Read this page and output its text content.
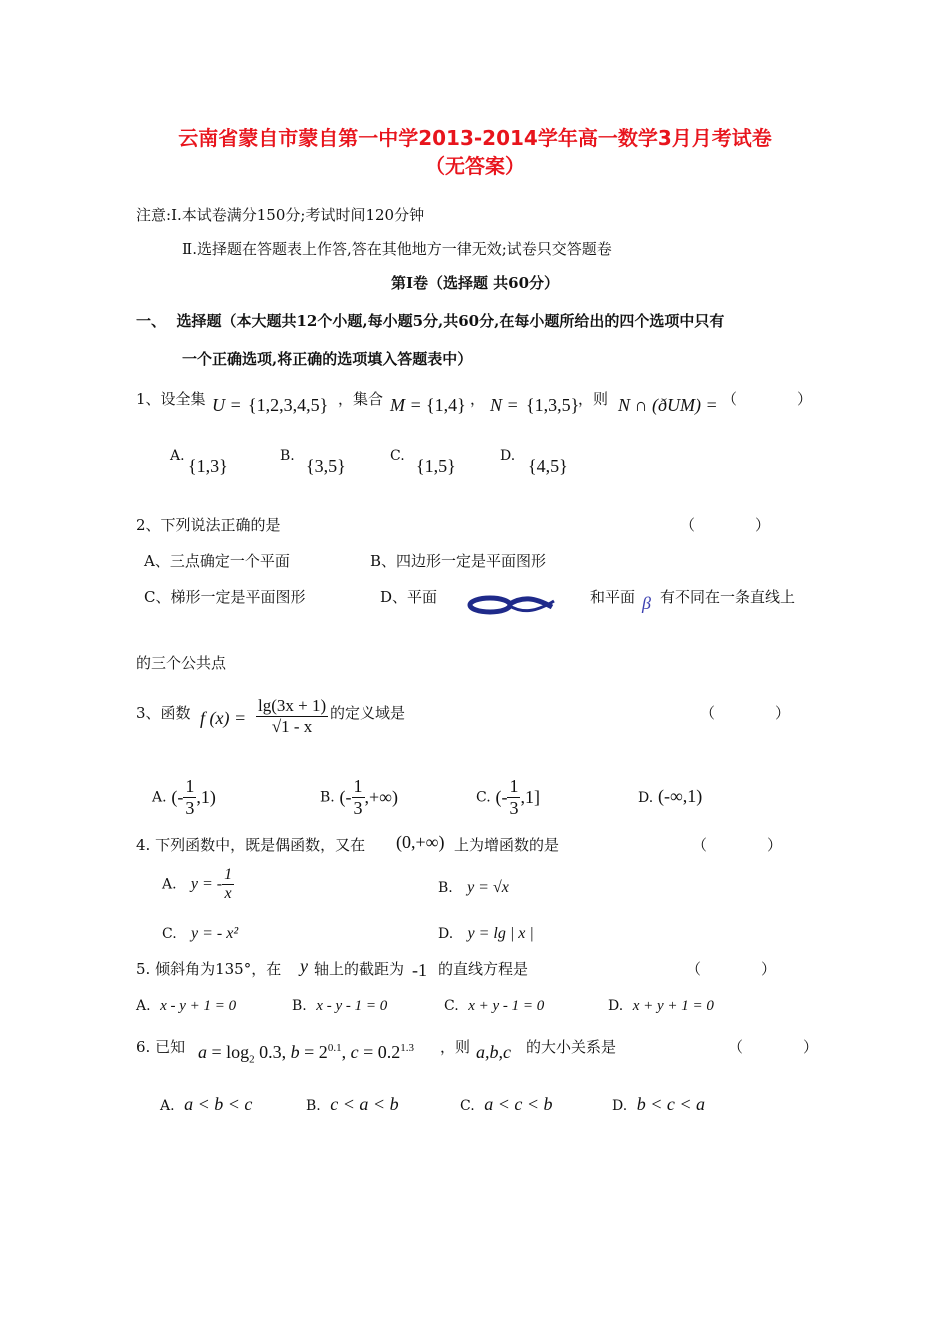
云南省蒙自市蒙自第一中学2013-2014学年高一数学3月月考试卷
（无答案）
注意:Ⅰ.本试卷满分150分;考试时间120分钟
Ⅱ.选择题在答题表上作答,答在其他地方一律无效;试卷只交答题卷
第Ⅰ卷（选择题 共60分）
一、 选择题（本大题共12个小题,每小题5分,共60分,在每小题所给出的四个选项中只有
一个正确选项,将正确的选项填入答题表中）
1、设全集 U = {1,2,3,4,5} ，集合 M = {1,4} ， N = {1,3,5}
，则 N ∩ (ðUM) = （　　　　）
A. {1,3}	B. {3,5}	C. {1,5}	D. {4,5}
2、下列说法正确的是	（　　　　）
A、三点确定一个平面	B、四边形一定是平面图形
C、梯形一定是平面图形	D、平面	和平面 β 有不同在一条直线上
的三个公共点
3、函数 f $(x) = \frac{\lg(3x + 1)}{√1 - x}$ 的定义域是	（　　　　）
A. (- $\frac{1}{3} ,1$)	B. (- $\frac{1}{3}$ ,+∞)	C. (- $\frac{1}{3} ,1$]	D. (-∞,1)
4. 下列函数中，既是偶函数，又在 (0,+∞) 上为增函数的是	（　　　　）
A. y = - $\frac{1}{x}$	B. y = √x
C. y = - x²	D. y = lg | x |
5. 倾斜角为135°，在 y 轴上的截距为 -1 的直线方程是	（　　　　）
A. x - y + 1 = 0	B. x - y - 1 = 0	C. x + y - 1 = 0	D. x + y + 1 = 0
6. 已知 $a = \log_2 0.3$, $b = 2^{0.1}$, $c = 0.2^{1.3}$ ，则 a,b,c 的大小关系是	（　　　　）
A. a < b < c	B. c < a < b	C. a < c < b	D. b < c < a
